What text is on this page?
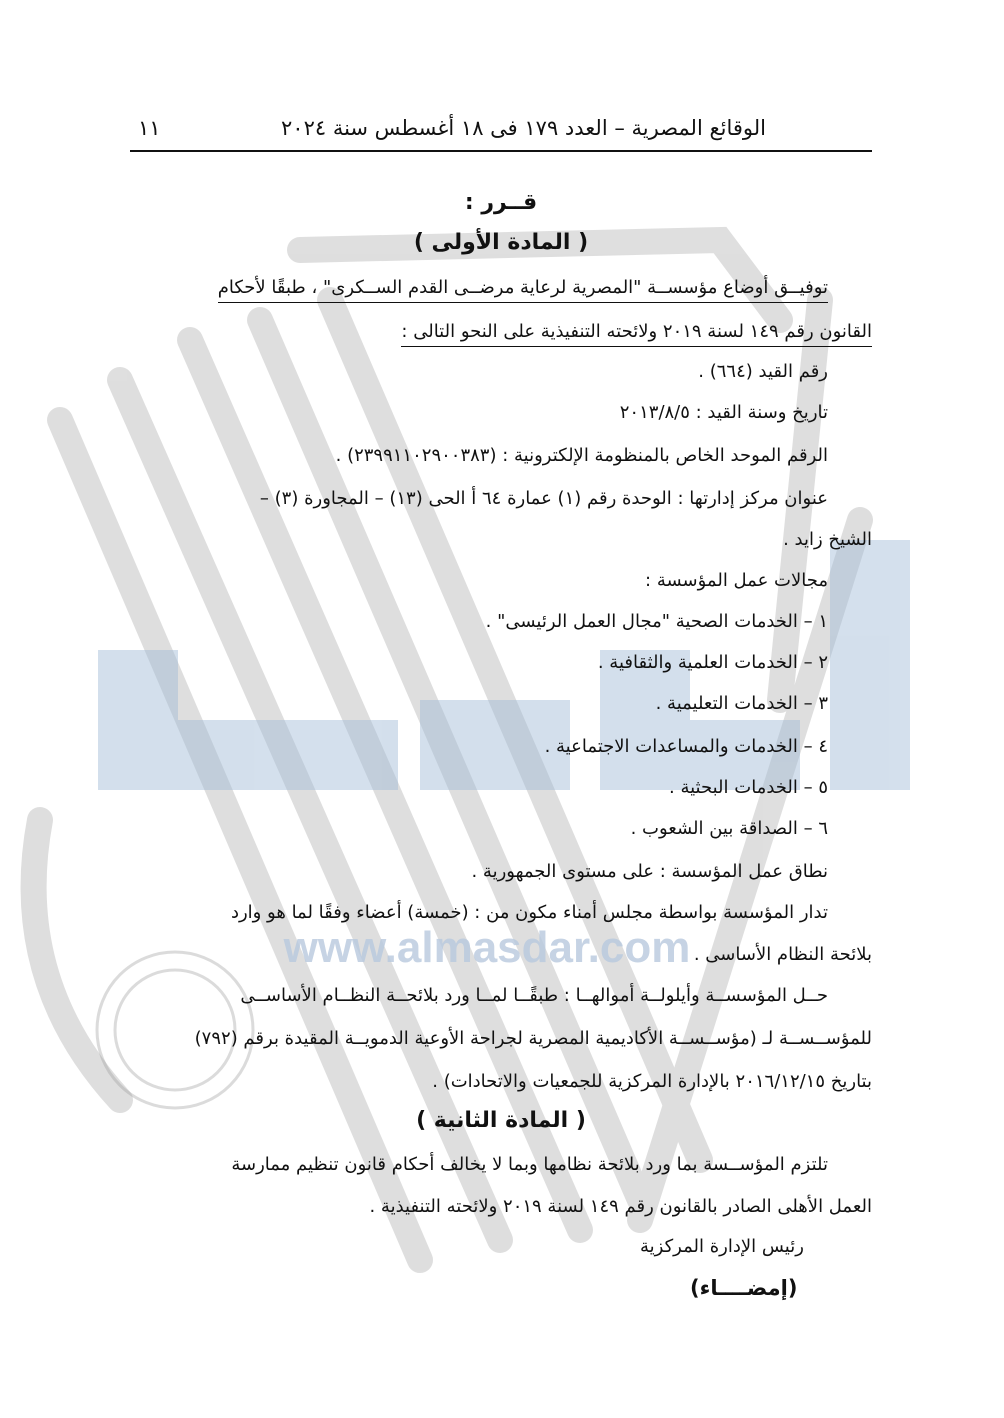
www.almasdar.com
الوقائع المصرية – العدد ١٧٩ فى ١٨ أغسطس سنة ٢٠٢٤
١١
قــرر :
( المادة الأولى )
توفيــق أوضاع مؤسســة "المصرية لرعاية مرضــى القدم الســكرى" ، طبقًا لأحكام
القانون رقم ١٤٩ لسنة ٢٠١٩ ولائحته التنفيذية على النحو التالى :
رقم القيد (٦٦٤) .
تاريخ وسنة القيد : ٢٠١٣/٨/٥
الرقم الموحد الخاص بالمنظومة الإلكترونية : (٢٣٩٩١١٠٢٩٠٠٣٨٣) .
عنوان مركز إدارتها : الوحدة رقم (١) عمارة ٦٤ أ الحى (١٣) – المجاورة (٣) –
الشيخ زايد .
مجالات عمل المؤسسة :
١ – الخدمات الصحية "مجال العمل الرئيسى" .
٢ – الخدمات العلمية والثقافية .
٣ – الخدمات التعليمية .
٤ – الخدمات والمساعدات الاجتماعية .
٥ – الخدمات البحثية .
٦ – الصداقة بين الشعوب .
نطاق عمل المؤسسة : على مستوى الجمهورية .
تدار المؤسسة بواسطة مجلس أمناء مكون من : (خمسة) أعضاء وفقًا لما هو وارد
بلائحة النظام الأساسى .
حــل المؤسســة وأيلولــة أموالهــا : طبقًــا لمــا ورد بلائحــة النظــام الأساســى
للمؤســســة لـ (مؤســســة الأكاديمية المصرية لجراحة الأوعية الدمويــة المقيدة برقم (٧٩٢)
بتاريخ ٢٠١٦/١٢/١٥ بالإدارة المركزية للجمعيات والاتحادات) .
( المادة الثانية )
تلتزم المؤســسة بما ورد بلائحة نظامها وبما لا يخالف أحكام قانون تنظيم ممارسة
العمل الأهلى الصادر بالقانون رقم ١٤٩ لسنة ٢٠١٩ ولائحته التنفيذية .
رئيس الإدارة المركزية
(إمضــــاء)
